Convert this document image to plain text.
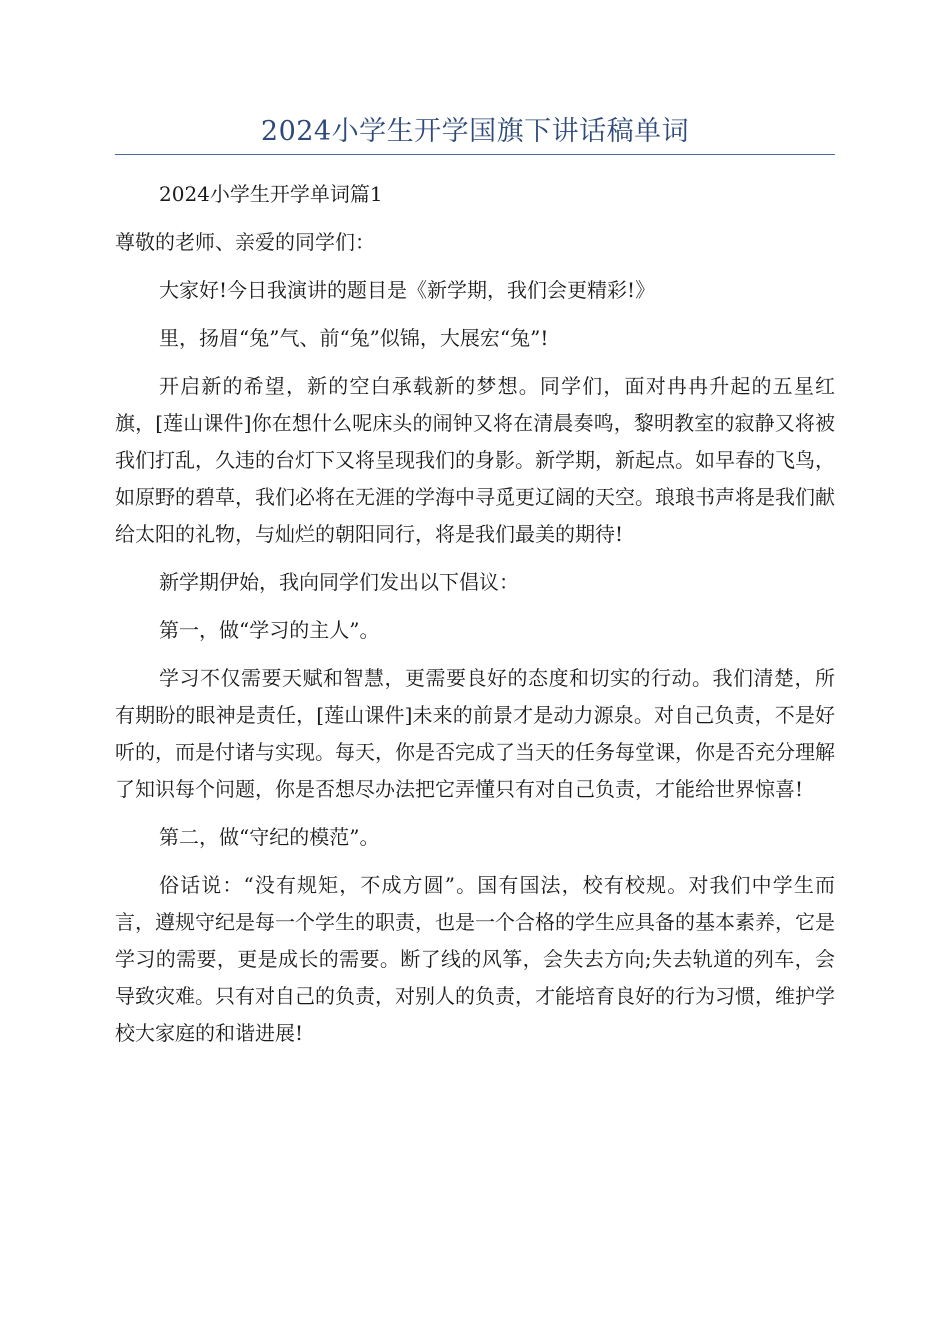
2024小学生开学国旗下讲话稿单词

2024小学生开学单词篇1

尊敬的老师、亲爱的同学们：

大家好!今日我演讲的题目是《新学期，我们会更精彩!》

里，扬眉“兔”气、前“兔”似锦，大展宏“兔”!

开启新的希望，新的空白承载新的梦想。同学们，面对冉冉升起的五星红旗，[莲山课件]你在想什么呢床头的闹钟又将在清晨奏鸣，黎明教室的寂静又将被我们打乱，久违的台灯下又将呈现我们的身影。新学期，新起点。如早春的飞鸟，如原野的碧草，我们必将在无涯的学海中寻觅更辽阔的天空。琅琅书声将是我们献给太阳的礼物，与灿烂的朝阳同行，将是我们最美的期待!

新学期伊始，我向同学们发出以下倡议：

第一，做“学习的主人”。

学习不仅需要天赋和智慧，更需要良好的态度和切实的行动。我们清楚，所有期盼的眼神是责任，[莲山课件]未来的前景才是动力源泉。对自己负责，不是好听的，而是付诸与实现。每天，你是否完成了当天的任务每堂课，你是否充分理解了知识每个问题，你是否想尽办法把它弄懂只有对自己负责，才能给世界惊喜!

第二，做“守纪的模范”。

俗话说：“没有规矩，不成方圆”。国有国法，校有校规。对我们中学生而言，遵规守纪是每一个学生的职责，也是一个合格的学生应具备的基本素养，它是学习的需要，更是成长的需要。断了线的风筝，会失去方向;失去轨道的列车，会导致灾难。只有对自己的负责，对别人的负责，才能培育良好的行为习惯，维护学校大家庭的和谐进展!
